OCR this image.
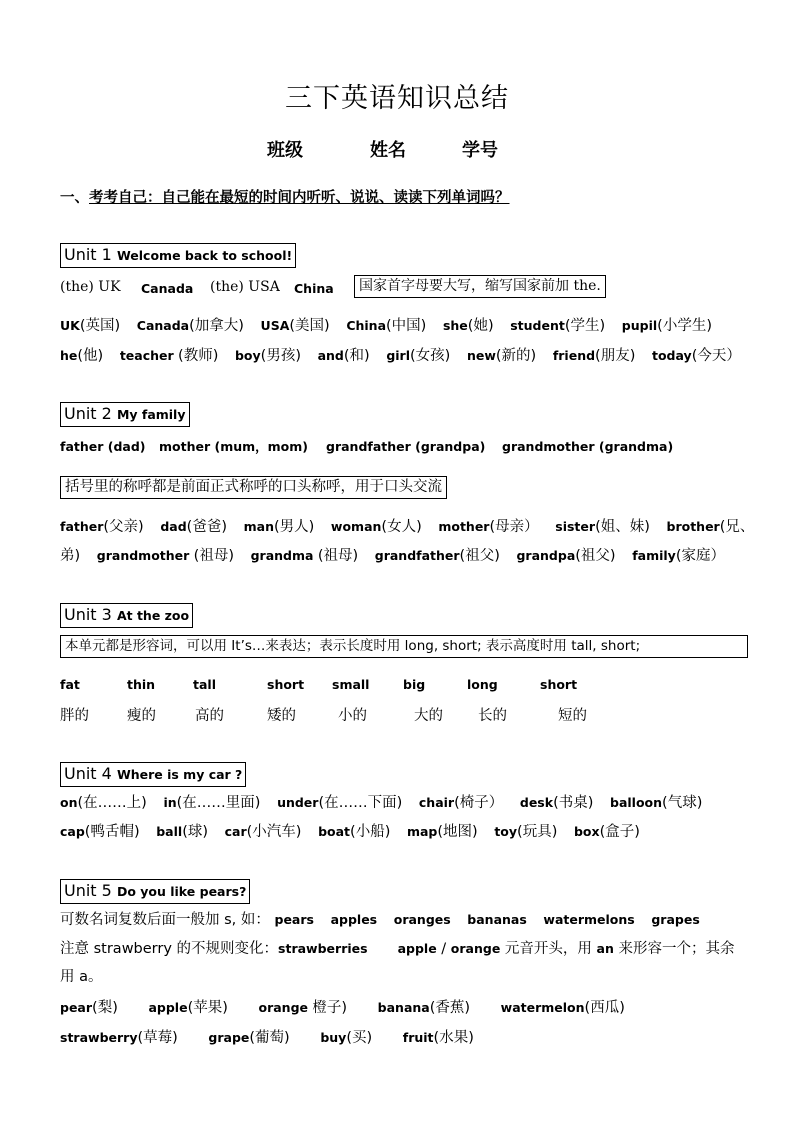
三下英语知识总结
班级	姓名	学号
一、考考自己：自己能在最短的时间内听听、说说、读读下列单词吗？
Unit 1 Welcome back to school!
(the) UK Canada (the) USA China	国家首字母要大写，缩写国家前加 the.
UK(英国) Canada(加拿大) USA(美国) China(中国) she(她) student(学生) pupil(小学生)
he(他) teacher (教师) boy(男孩) and(和) girl(女孩) new(新的) friend(朋友) today(今天）
Unit 2 My family
father (dad) mother (mum，mom) grandfather (grandpa) grandmother (grandma)
括号里的称呼都是前面正式称呼的口头称呼，用于口头交流
father(父亲) dad(爸爸) man(男人) woman(女人) mother(母亲） sister(姐、妹) brother(兄、
弟) grandmother (祖母) grandma (祖母) grandfather(祖父) grandpa(祖父) family(家庭）
Unit 3 At the zoo
本单元都是形容词，可以用 It’s…来表达；表示长度时用 long, short; 表示高度时用 tall, short;
fat	thin	tall	short small	big	long	short
胖的	瘦的	高的	矮的	小的	大的 长的	短的
Unit 4 Where is my car ?
on(在……上) in(在……里面) under(在……下面) chair(椅子） desk(书桌) balloon(气球)
cap(鸭舌帽) ball(球) car(小汽车) boat(小船) map(地图) toy(玩具) box(盒子)
Unit 5 Do you like pears?
可数名词复数后面一般加 s, 如： pears apples oranges bananas watermelons grapes
注意 strawberry 的不规则变化：strawberries apple / orange 元音开头，用 an 来形容一个；其余用 a。
pear(梨) apple(苹果) orange 橙子) banana(香蕉) watermelon(西瓜)
strawberry(草莓) grape(葡萄) buy(买) fruit(水果)
